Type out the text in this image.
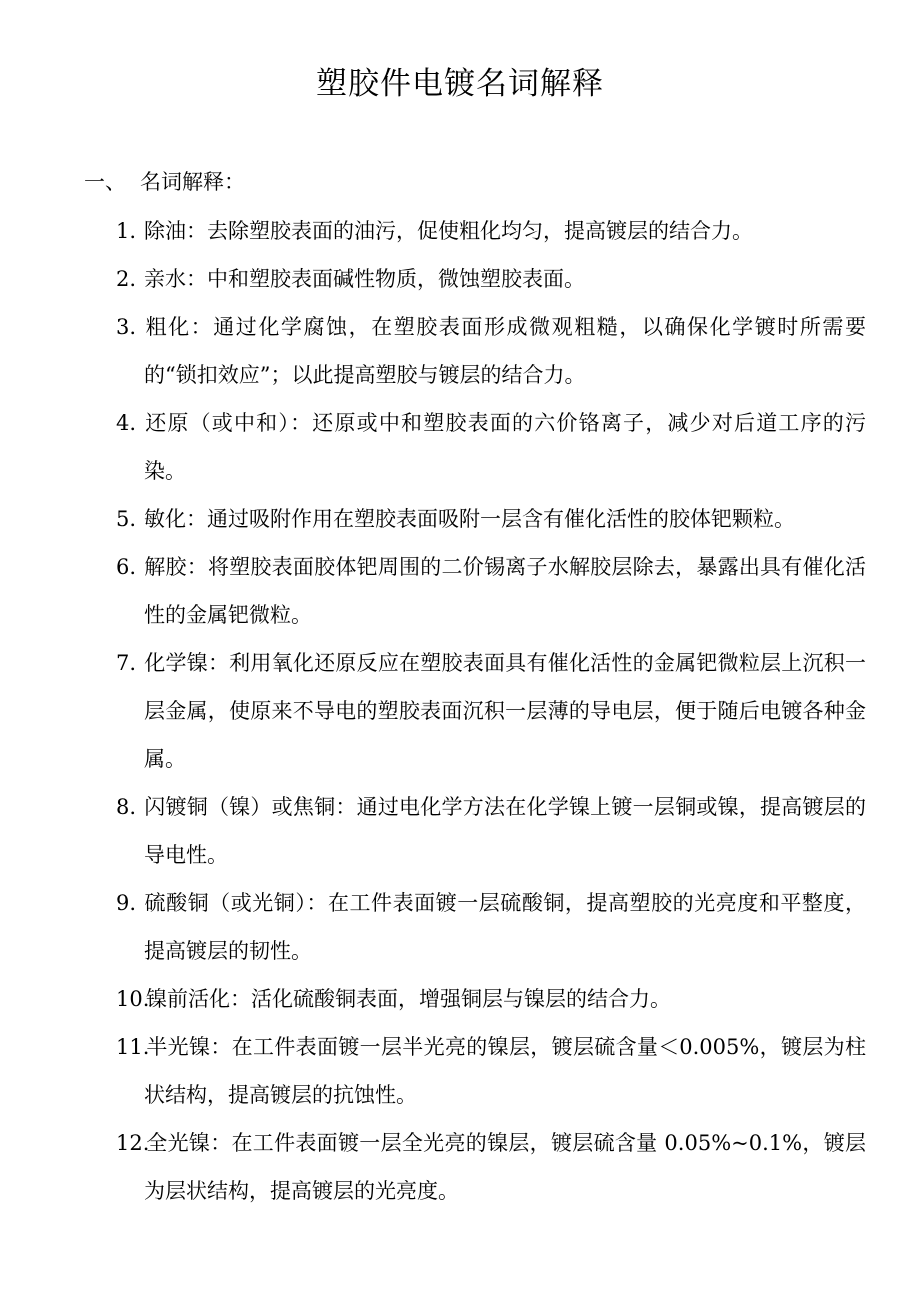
塑胶件电镀名词解释
一、 名词解释：
1. 除油：去除塑胶表面的油污，促使粗化均匀，提高镀层的结合力。
2. 亲水：中和塑胶表面碱性物质，微蚀塑胶表面。
3. 粗化：通过化学腐蚀，在塑胶表面形成微观粗糙，以确保化学镀时所需要的“锁扣效应”；以此提高塑胶与镀层的结合力。
4. 还原（或中和）：还原或中和塑胶表面的六价铬离子，减少对后道工序的污染。
5. 敏化：通过吸附作用在塑胶表面吸附一层含有催化活性的胶体钯颗粒。
6. 解胶：将塑胶表面胶体钯周围的二价锡离子水解胶层除去，暴露出具有催化活性的金属钯微粒。
7. 化学镍：利用氧化还原反应在塑胶表面具有催化活性的金属钯微粒层上沉积一层金属，使原来不导电的塑胶表面沉积一层薄的导电层，便于随后电镀各种金属。
8. 闪镀铜（镍）或焦铜：通过电化学方法在化学镍上镀一层铜或镍，提高镀层的导电性。
9. 硫酸铜（或光铜）：在工件表面镀一层硫酸铜，提高塑胶的光亮度和平整度，提高镀层的韧性。
10.镍前活化：活化硫酸铜表面，增强铜层与镍层的结合力。
11.半光镍：在工件表面镀一层半光亮的镍层，镀层硫含量＜0.005%，镀层为柱状结构，提高镀层的抗蚀性。
12.全光镍：在工件表面镀一层全光亮的镍层，镀层硫含量 0.05%~0.1%，镀层为层状结构，提高镀层的光亮度。
